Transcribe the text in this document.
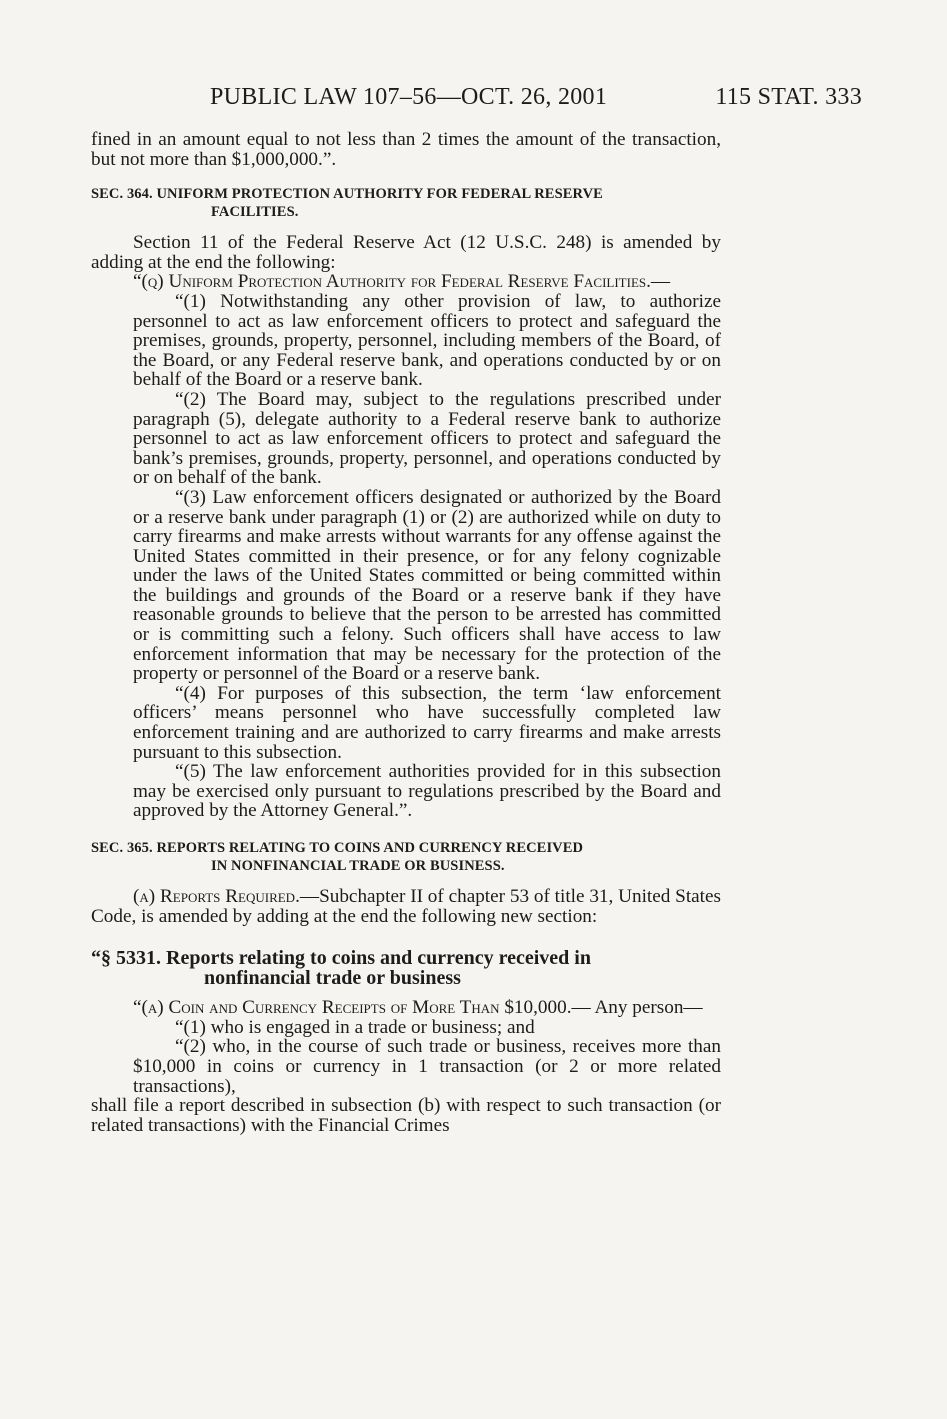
PUBLIC LAW 107–56—OCT. 26, 2001	115 STAT. 333

fined in an amount equal to not less than 2 times the amount of the transaction, but not more than $1,000,000.”.

SEC. 364. UNIFORM PROTECTION AUTHORITY FOR FEDERAL RESERVE
FACILITIES.

Section 11 of the Federal Reserve Act (12 U.S.C. 248) is amended by adding at the end the following:

“(q) Uniform Protection Authority for Federal Reserve Facilities.—

“(1) Notwithstanding any other provision of law, to authorize personnel to act as law enforcement officers to protect and safeguard the premises, grounds, property, personnel, including members of the Board, of the Board, or any Federal reserve bank, and operations conducted by or on behalf of the Board or a reserve bank.

“(2) The Board may, subject to the regulations prescribed under paragraph (5), delegate authority to a Federal reserve bank to authorize personnel to act as law enforcement officers to protect and safeguard the bank’s premises, grounds, property, personnel, and operations conducted by or on behalf of the bank.

“(3) Law enforcement officers designated or authorized by the Board or a reserve bank under paragraph (1) or (2) are authorized while on duty to carry firearms and make arrests without warrants for any offense against the United States committed in their presence, or for any felony cognizable under the laws of the United States committed or being committed within the buildings and grounds of the Board or a reserve bank if they have reasonable grounds to believe that the person to be arrested has committed or is committing such a felony. Such officers shall have access to law enforcement information that may be necessary for the protection of the property or personnel of the Board or a reserve bank.

“(4) For purposes of this subsection, the term ‘law enforcement officers’ means personnel who have successfully completed law enforcement training and are authorized to carry firearms and make arrests pursuant to this subsection.

“(5) The law enforcement authorities provided for in this subsection may be exercised only pursuant to regulations prescribed by the Board and approved by the Attorney General.”.

SEC. 365. REPORTS RELATING TO COINS AND CURRENCY RECEIVED
IN NONFINANCIAL TRADE OR BUSINESS.

(a) Reports Required.—Subchapter II of chapter 53 of title 31, United States Code, is amended by adding at the end the following new section:

“§ 5331. Reports relating to coins and currency received in
nonfinancial trade or business

“(a) Coin and Currency Receipts of More Than $10,000.— Any person—

“(1) who is engaged in a trade or business; and

“(2) who, in the course of such trade or business, receives more than $10,000 in coins or currency in 1 transaction (or 2 or more related transactions),

shall file a report described in subsection (b) with respect to such transaction (or related transactions) with the Financial Crimes
